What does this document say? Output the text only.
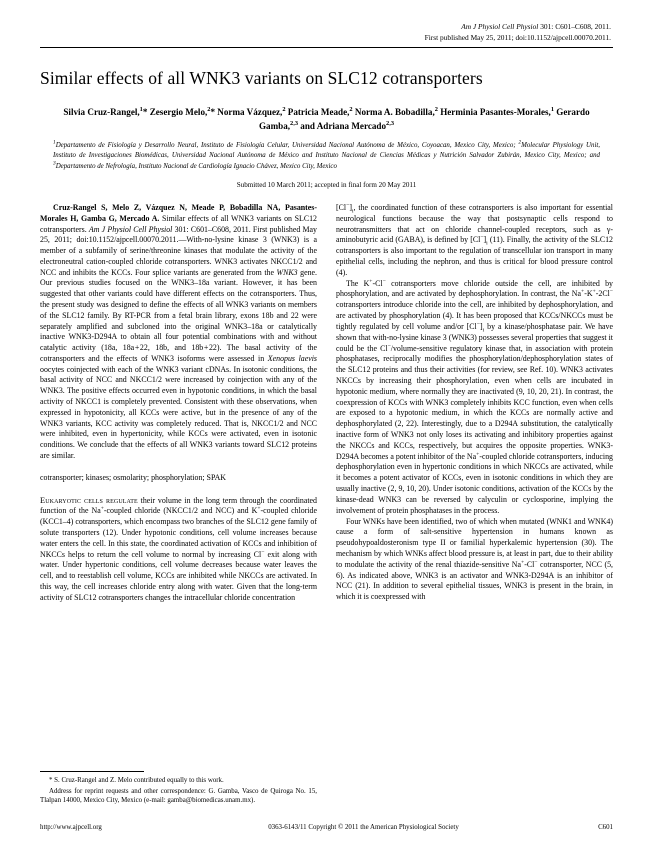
Am J Physiol Cell Physiol 301: C601–C608, 2011.
First published May 25, 2011; doi:10.1152/ajpcell.00070.2011.
Similar effects of all WNK3 variants on SLC12 cotransporters
Silvia Cruz-Rangel,$^1$* Zesergio Melo,$^2$* Norma Vázquez,$^2$ Patricia Meade,$^2$ Norma A. Bobadilla,$^2$ Herminia Pasantes-Morales,$^1$ Gerardo Gamba,$^{2,3}$ and Adriana Mercado$^{2,3}$
$^1$Departamento de Fisiología y Desarrollo Neural, Instituto de Fisiología Celular, Universidad Nacional Autónoma de México, Coyoacan, Mexico City, Mexico; $^2$Molecular Physiology Unit, Instituto de Investigaciones Biomédicas, Universidad Nacional Autónoma de México and Instituto Nacional de Ciencias Médicas y Nutrición Salvador Zubirán, Mexico City, Mexico; and $^3$Departamento de Nefrología, Instituto Nacional de Cardiología Ignacio Chávez, Mexico City, Mexico
Submitted 10 March 2011; accepted in final form 20 May 2011

Cruz-Rangel S, Melo Z, Vázquez N, Meade P, Bobadilla NA, Pasantes-Morales H, Gamba G, Mercado A. Similar effects of all WNK3 variants on SLC12 cotransporters. Am J Physiol Cell Physiol 301: C601–C608, 2011. First published May 25, 2011; doi:10.1152/ajpcell.00070.2011.—With-no-lysine kinase 3 (WNK3) is a member of a subfamily of serine/threonine kinases that modulate the activity of the electroneutral cation-coupled chloride cotransporters. WNK3 activates NKCC1/2 and NCC and inhibits the KCCs. Four splice variants are generated from the WNK3 gene. Our previous studies focused on the WNK3–18a variant. However, it has been suggested that other variants could have different effects on the cotransporters. Thus, the present study was designed to define the effects of all WNK3 variants on members of the SLC12 family. By RT-PCR from a fetal brain library, exons 18b and 22 were separately amplified and subcloned into the original WNK3–18a or catalytically inactive WNK3-D294A to obtain all four potential combinations with and without catalytic activity (18a, 18a + 22, 18b, and 18b + 22). The basal activity of the cotransporters and the effects of WNK3 isoforms were assessed in Xenopus laevis oocytes coinjected with each of the WNK3 variant cDNAs. In isotonic conditions, the basal activity of NCC and NKCC1/2 were increased by coinjection with any of the WNK3. The positive effects occurred even in hypotonic conditions, in which the basal activity of NKCC1 is completely prevented. Consistent with these observations, when expressed in hypotonicity, all KCCs were active, but in the presence of any of the WNK3 variants, KCC activity was completely reduced. That is, NKCC1/2 and NCC were inhibited, even in hypertonicity, while KCCs were activated, even in isotonic conditions. We conclude that the effects of all WNK3 variants toward SLC12 proteins are similar.

cotransporter; kinases; osmolarity; phosphorylation; SPAK

Eukaryotic cells regulate their volume in the long term through the coordinated function of the Na+-coupled chloride (NKCC1/2 and NCC) and K+-coupled chloride (KCC1–4) cotransporters, which encompass two branches of the SLC12 gene family of solute transporters (12). Under hypotonic conditions, cell volume increases because water enters the cell. In this state, the coordinated activation of KCCs and inhibition of NKCCs helps to return the cell volume to normal by increasing Cl− exit along with water. Under hypertonic conditions, cell volume decreases because water leaves the cell, and to reestablish cell volume, KCCs are inhibited while NKCCs are activated. In this way, the cell increases chloride entry along with water. Given that the long-term activity of SLC12 cotransporters changes the intracellular chloride concentration

$[Cl^-]_i$, the coordinated function of these cotransporters is also important for essential neurological functions because the way that postsynaptic cells respond to neurotransmitters that act on chloride channel-coupled receptors, such as γ-aminobutyric acid (GABA), is defined by $[Cl^-]_i$ (11). Finally, the activity of the SLC12 cotransporters is also important to the regulation of transcellular ion transport in many epithelial cells, including the nephron, and thus is critical for blood pressure control (4).

The K+-Cl− cotransporters move chloride outside the cell, are inhibited by phosphorylation, and are activated by dephosphorylation. In contrast, the Na+-K+-2Cl− cotransporters introduce chloride into the cell, are inhibited by dephosphorylation, and are activated by phosphorylation (4). It has been proposed that KCCs/NKCCs must be tightly regulated by cell volume and/or $[Cl^-]_i$ by a kinase/phosphatase pair. We have shown that with-no-lysine kinase 3 (WNK3) possesses several properties that suggest it could be the Cl−/volume-sensitive regulatory kinase that, in association with protein phosphatases, reciprocally modifies the phosphorylation/dephosphorylation states of the SLC12 proteins and thus their activities (for review, see Ref. 10). WNK3 activates NKCCs by increasing their phosphorylation, even when cells are incubated in hypotonic medium, where normally they are inactivated (9, 10, 20, 21). In contrast, the coexpression of KCCs with WNK3 completely inhibits KCC function, even when cells are exposed to a hypotonic medium, in which the KCCs are normally active and dephosphorylated (2, 22). Interestingly, due to a D294A substitution, the catalytically inactive form of WNK3 not only loses its activating and inhibitory properties against the NKCCs and KCCs, respectively, but acquires the opposite properties. WNK3-D294A becomes a potent inhibitor of the Na+-coupled chloride cotransporters, inducing dephosphorylation even in hypertonic conditions in which NKCCs are activated, while it becomes a potent activator of KCCs, even in isotonic conditions in which they are usually inactive (2, 9, 10, 20). Under isotonic conditions, activation of the KCCs by the kinase-dead WNK3 can be reversed by calyculin or cyclosporine, implying the involvement of protein phosphatases in the process.

Four WNKs have been identified, two of which when mutated (WNK1 and WNK4) cause a form of salt-sensitive hypertension in humans known as pseudohypoaldosteronism type II or familial hyperkalemic hypertension (30). The mechanism by which WNKs affect blood pressure is, at least in part, due to their ability to modulate the activity of the renal thiazide-sensitive Na+-Cl− cotransporter, NCC (5, 6). As indicated above, WNK3 is an activator and WNK3-D294A is an inhibitor of NCC (21). In addition to several epithelial tissues, WNK3 is present in the brain, in which it is coexpressed with

* S. Cruz-Rangel and Z. Melo contributed equally to this work.

Address for reprint requests and other correspondence: G. Gamba, Vasco de Quiroga No. 15, Tlalpan 14000, Mexico City, Mexico (e-mail: gamba@biomedicas.unam.mx).

http://www.ajpcell.org	0363-6143/11 Copyright © 2011 the American Physiological Society	C601
